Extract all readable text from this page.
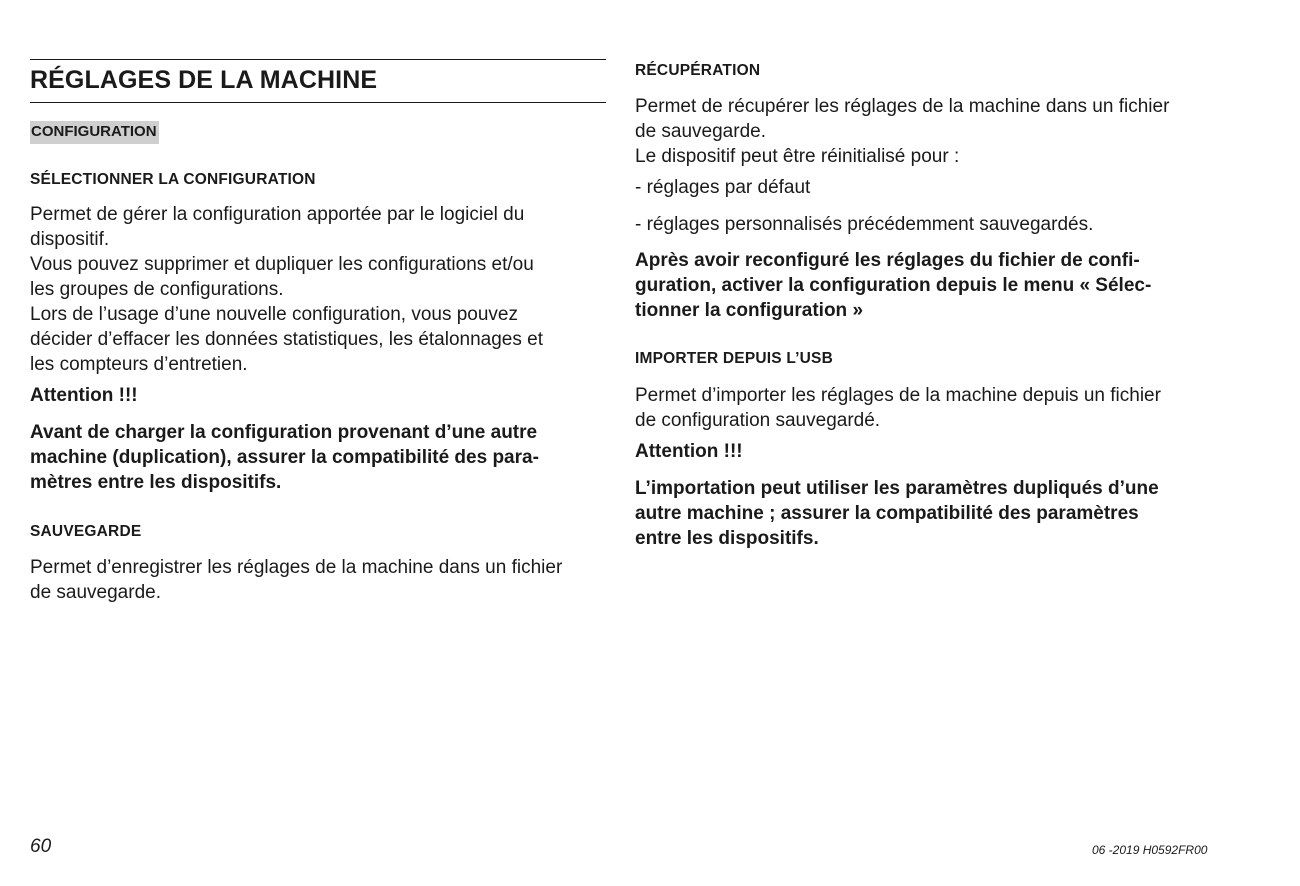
RÉGLAGES DE LA MACHINE
CONFIGURATION
SÉLECTIONNER LA CONFIGURATION

Permet de gérer la configuration apportée par le logiciel du
dispositif.
Vous pouvez supprimer et dupliquer les configurations et/ou
les groupes de configurations.
Lors de l’usage d’une nouvelle configuration, vous pouvez
décider d’effacer les données statistiques, les étalonnages et
les compteurs d’entretien.

Attention !!!

Avant de charger la configuration provenant d’une autre
machine (duplication), assurer la compatibilité des para-
mètres entre les dispositifs.

SAUVEGARDE

Permet d’enregistrer les réglages de la machine dans un fichier
de sauvegarde.

RÉCUPÉRATION

Permet de récupérer les réglages de la machine dans un fichier
de sauvegarde.
Le dispositif peut être réinitialisé pour :

- réglages par défaut

- réglages personnalisés précédemment sauvegardés.

Après avoir reconfiguré les réglages du fichier de confi-
guration, activer la configuration depuis le menu « Sélec-
tionner la configuration »

IMPORTER DEPUIS L’USB

Permet d’importer les réglages de la machine depuis un fichier
de configuration sauvegardé.

Attention !!!

L’importation peut utiliser les paramètres dupliqués d’une
autre machine ; assurer la compatibilité des paramètres
entre les dispositifs.

60	06 -2019 H0592FR00
